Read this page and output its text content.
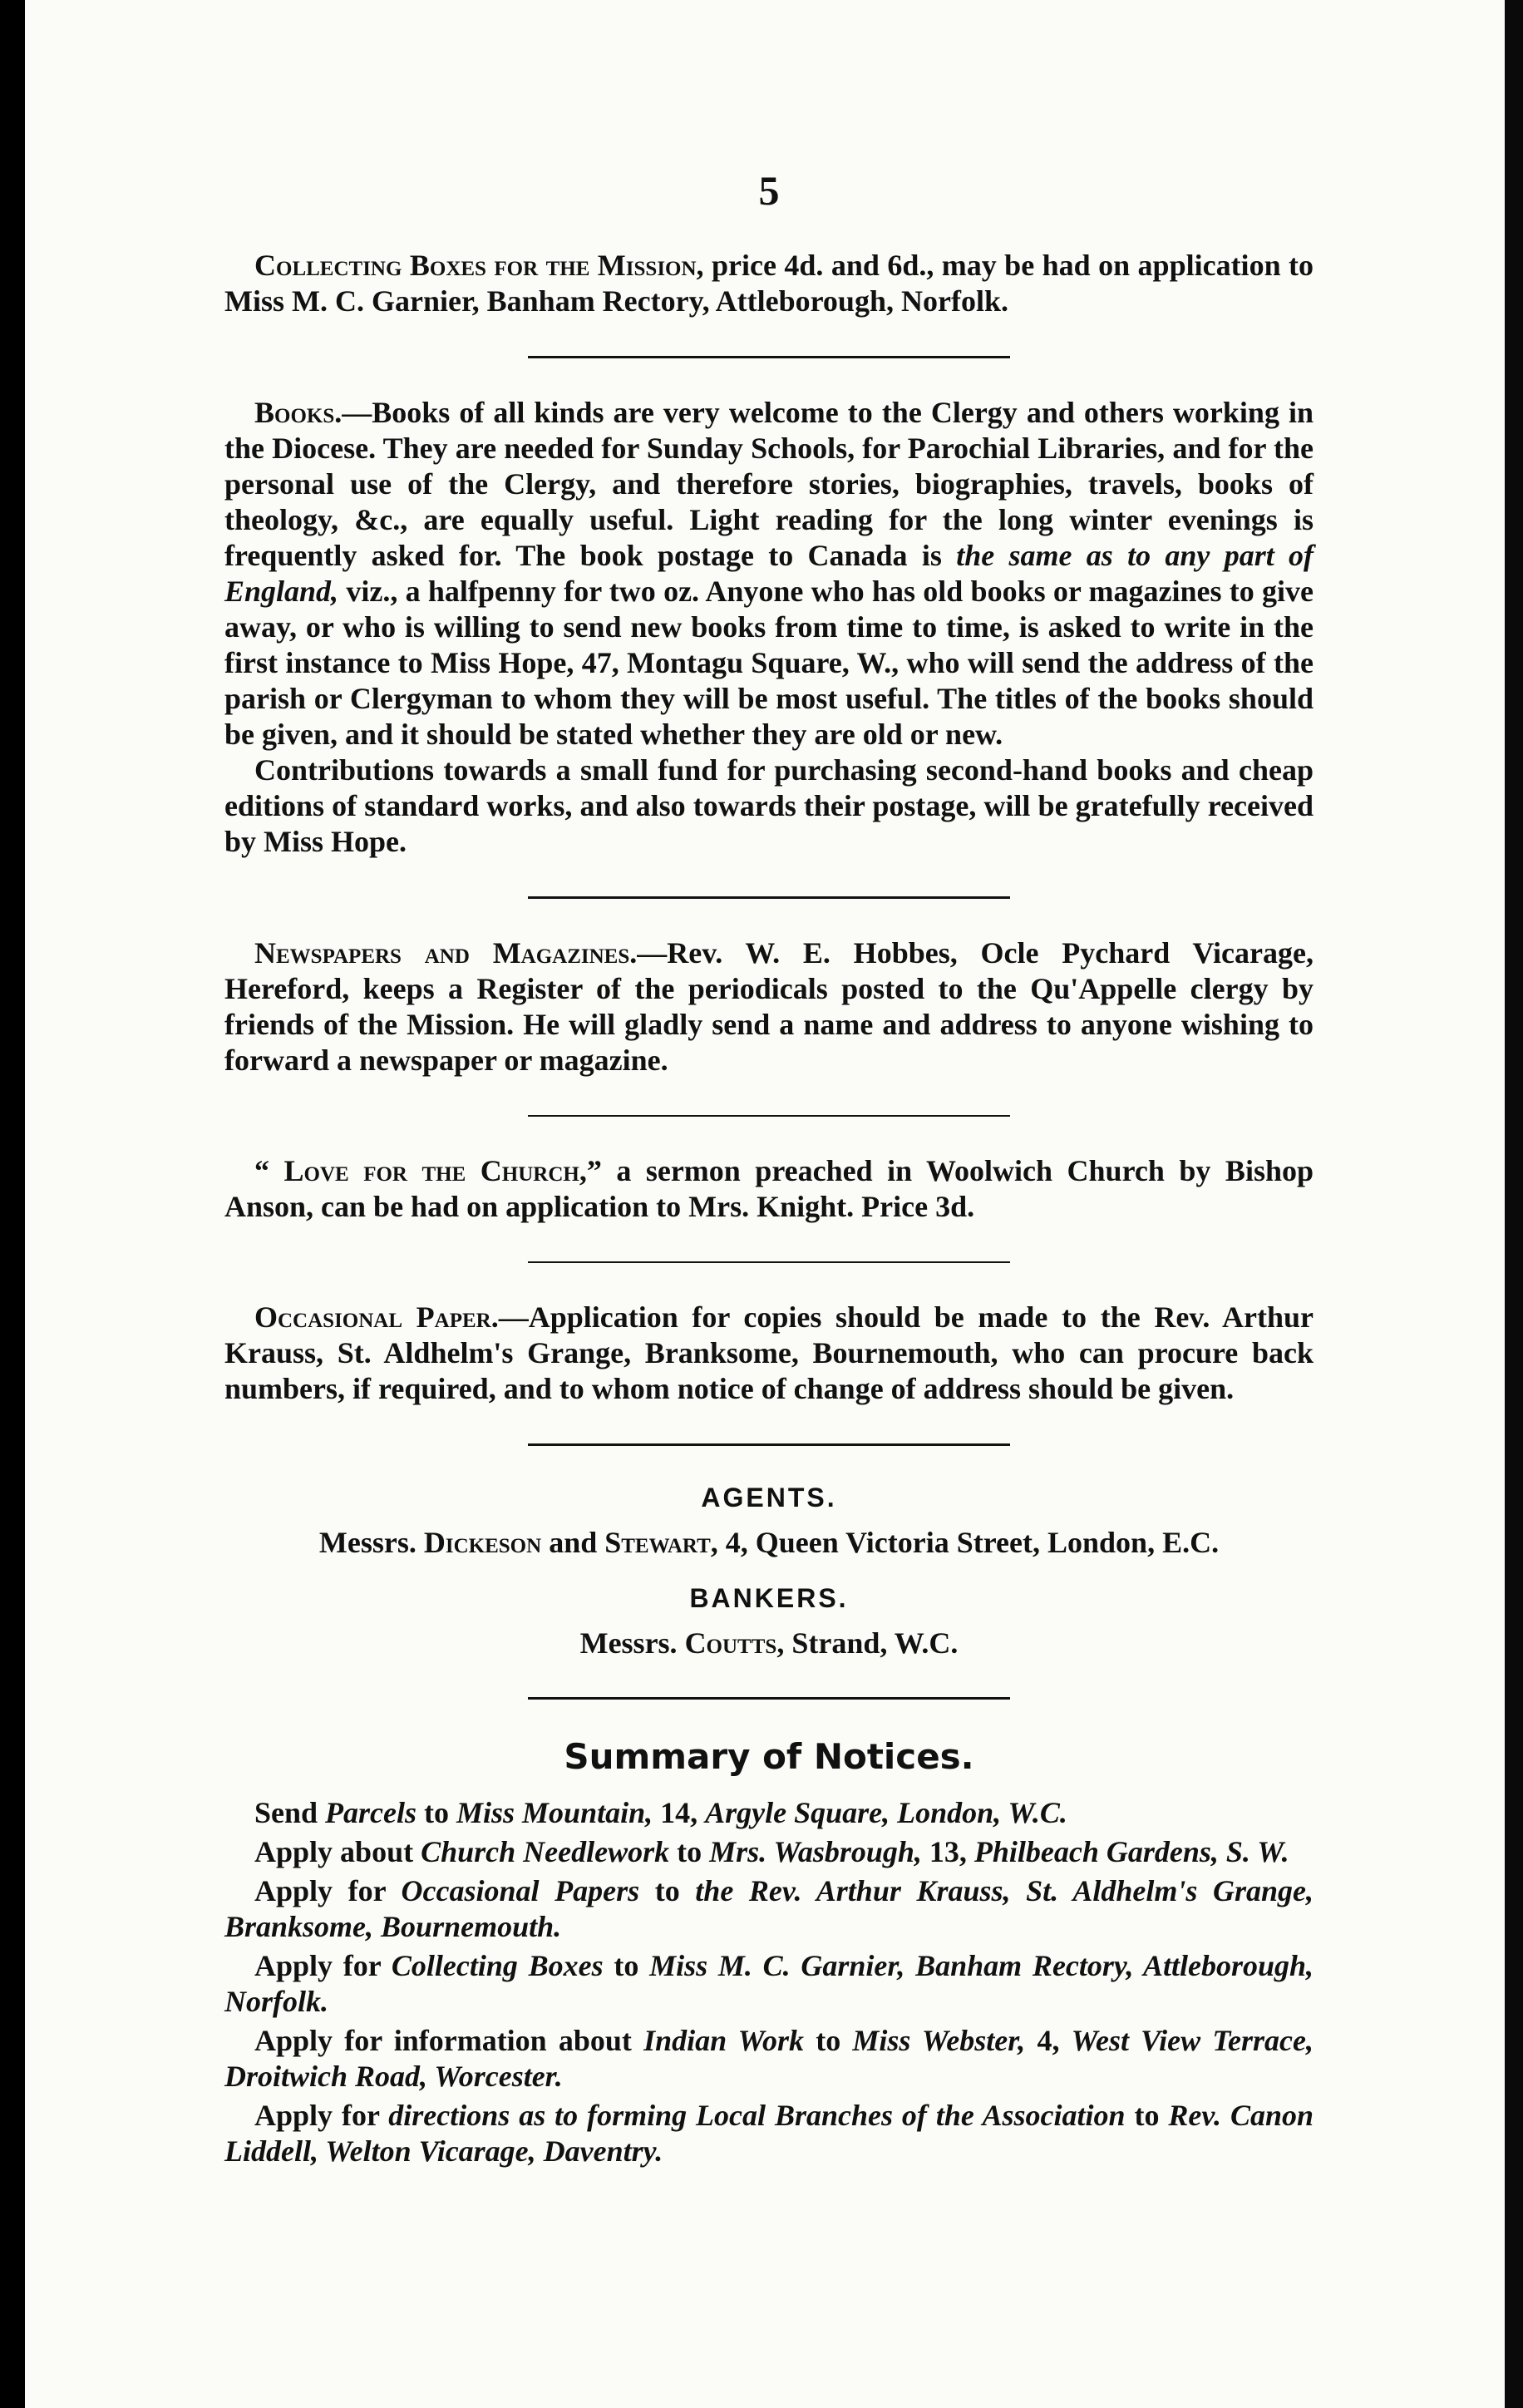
5

Collecting Boxes for the Mission, price 4d. and 6d., may be had on application to Miss M. C. Garnier, Banham Rectory, Attleborough, Norfolk.

Books.—Books of all kinds are very welcome to the Clergy and others working in the Diocese. They are needed for Sunday Schools, for Parochial Libraries, and for the personal use of the Clergy, and therefore stories, biographies, travels, books of theology, &c., are equally useful. Light reading for the long winter evenings is frequently asked for. The book postage to Canada is the same as to any part of England, viz., a halfpenny for two oz. Anyone who has old books or magazines to give away, or who is willing to send new books from time to time, is asked to write in the first instance to Miss Hope, 47, Montagu Square, W., who will send the address of the parish or Clergyman to whom they will be most useful. The titles of the books should be given, and it should be stated whether they are old or new.

Contributions towards a small fund for purchasing second-hand books and cheap editions of standard works, and also towards their postage, will be gratefully received by Miss Hope.

Newspapers and Magazines.—Rev. W. E. Hobbes, Ocle Pychard Vicarage, Hereford, keeps a Register of the periodicals posted to the Qu'Appelle clergy by friends of the Mission. He will gladly send a name and address to anyone wishing to forward a newspaper or magazine.

“ Love for the Church,” a sermon preached in Woolwich Church by Bishop Anson, can be had on application to Mrs. Knight. Price 3d.

Occasional Paper.—Application for copies should be made to the Rev. Arthur Krauss, St. Aldhelm's Grange, Branksome, Bournemouth, who can procure back numbers, if required, and to whom notice of change of address should be given.

AGENTS.
Messrs. Dickeson and Stewart, 4, Queen Victoria Street, London, E.C.
BANKERS.
Messrs. Coutts, Strand, W.C.
Summary of Notices.

Send Parcels to Miss Mountain, 14, Argyle Square, London, W.C.

Apply about Church Needlework to Mrs. Wasbrough, 13, Philbeach Gardens, S. W.

Apply for Occasional Papers to the Rev. Arthur Krauss, St. Aldhelm's Grange, Branksome, Bournemouth.

Apply for Collecting Boxes to Miss M. C. Garnier, Banham Rectory, Attleborough, Norfolk.

Apply for information about Indian Work to Miss Webster, 4, West View Terrace, Droitwich Road, Worcester.

Apply for directions as to forming Local Branches of the Association to Rev. Canon Liddell, Welton Vicarage, Daventry.
